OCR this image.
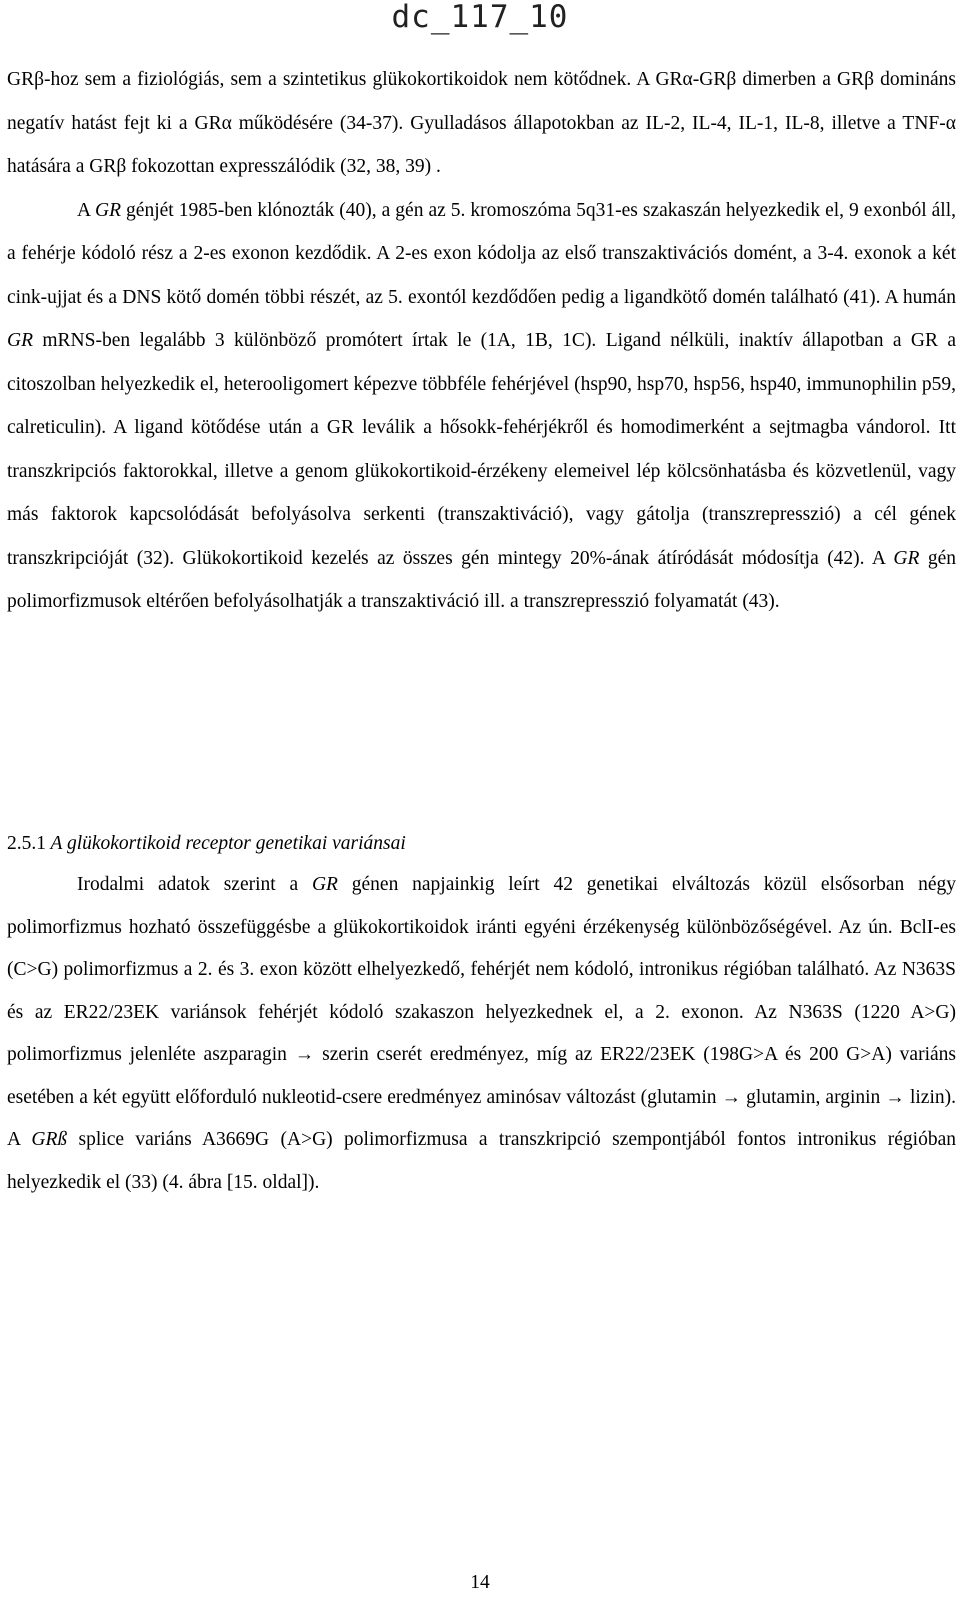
dc_117_10

GRβ-hoz sem a fiziológiás, sem a szintetikus glükokortikoidok nem kötődnek. A GRα-GRβ dimerben a GRβ domináns negatív hatást fejt ki a GRα működésére (34-37). Gyulladásos állapotokban az IL-2, IL-4, IL-1, IL-8, illetve a TNF-α hatására a GRβ fokozottan expresszálódik (32, 38, 39) .

A GR génjét 1985-ben klónozták (40), a gén az 5. kromoszóma 5q31-es szakaszán helyezkedik el, 9 exonból áll, a fehérje kódoló rész a 2-es exonon kezdődik. A 2-es exon kódolja az első transzaktivációs domént, a 3-4. exonok a két cink-ujjat és a DNS kötő domén többi részét, az 5. exontól kezdődően pedig a ligandkötő domén található (41). A humán GR mRNS-ben legalább 3 különböző promótert írtak le (1A, 1B, 1C). Ligand nélküli, inaktív állapotban a GR a citoszolban helyezkedik el, heterooligomert képezve többféle fehérjével (hsp90, hsp70, hsp56, hsp40, immunophilin p59, calreticulin). A ligand kötődése után a GR leválik a hősokk-fehérjékről és homodimerként a sejtmagba vándorol. Itt transzkripciós faktorokkal, illetve a genom glükokortikoid-érzékeny elemeivel lép kölcsönhatásba és közvetlenül, vagy más faktorok kapcsolódását befolyásolva serkenti (transzaktiváció), vagy gátolja (transzrepresszió) a cél gének transzkripcióját (32). Glükokortikoid kezelés az összes gén mintegy 20%-ának átíródását módosítja (42). A GR gén polimorfizmusok eltérően befolyásolhatják a transzaktiváció ill. a transzrepresszió folyamatát (43).

2.5.1 A glükokortikoid receptor genetikai variánsai

Irodalmi adatok szerint a GR génen napjainkig leírt 42 genetikai elváltozás közül elsősorban négy polimorfizmus hozható összefüggésbe a glükokortikoidok iránti egyéni érzékenység különbözőségével. Az ún. BclI-es (C>G) polimorfizmus a 2. és 3. exon között elhelyezkedő, fehérjét nem kódoló, intronikus régióban található. Az N363S és az ER22/23EK variánsok fehérjét kódoló szakaszon helyezkednek el, a 2. exonon. Az N363S (1220 A>G) polimorfizmus jelenléte aszparagin → szerin cserét eredményez, míg az ER22/23EK (198G>A és 200 G>A) variáns esetében a két együtt előforduló nukleotid-csere eredményez aminósav változást (glutamin → glutamin, arginin → lizin). A GRß splice variáns A3669G (A>G) polimorfizmusa a transzkripció szempontjából fontos intronikus régióban helyezkedik el (33) (4. ábra [15. oldal]).

14
